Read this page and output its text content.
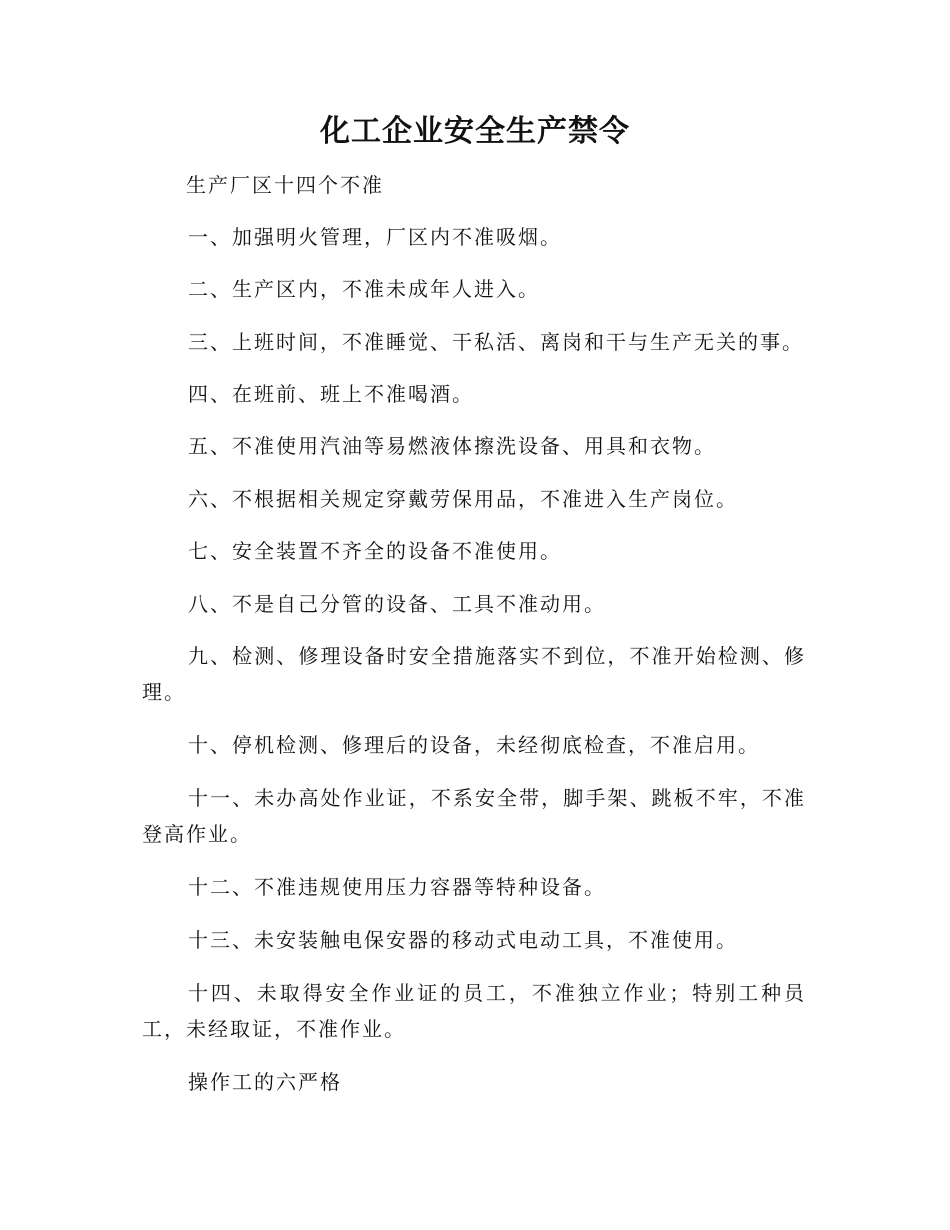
化工企业安全生产禁令

生产厂区十四个不准

一、加强明火管理，厂区内不准吸烟。

二、生产区内，不准未成年人进入。

三、上班时间，不准睡觉、干私活、离岗和干与生产无关的事。

四、在班前、班上不准喝酒。

五、不准使用汽油等易燃液体擦洗设备、用具和衣物。

六、不根据相关规定穿戴劳保用品，不准进入生产岗位。

七、安全装置不齐全的设备不准使用。

八、不是自己分管的设备、工具不准动用。

九、检测、修理设备时安全措施落实不到位，不准开始检测、修理。

十、停机检测、修理后的设备，未经彻底检查，不准启用。

十一、未办高处作业证，不系安全带，脚手架、跳板不牢，不准登高作业。

十二、不准违规使用压力容器等特种设备。

十三、未安装触电保安器的移动式电动工具，不准使用。

十四、未取得安全作业证的员工，不准独立作业；特别工种员工，未经取证，不准作业。

操作工的六严格
